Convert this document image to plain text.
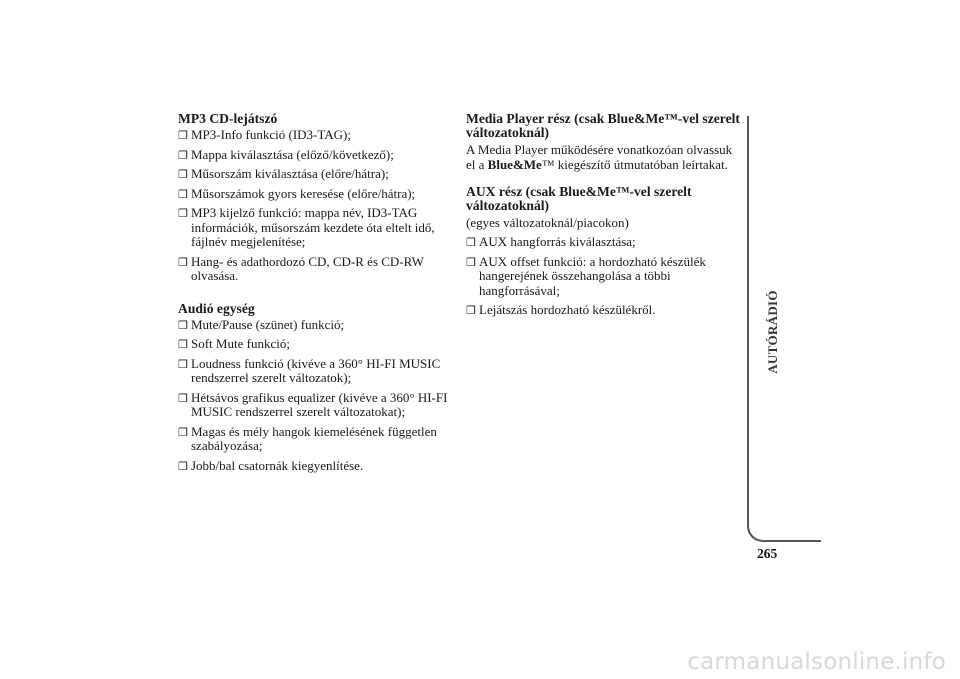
MP3 CD-lejátszó
❒ MP3-Info funkció (ID3-TAG);
❒ Mappa kiválasztása (előző/következő);
❒ Műsorszám kiválasztása (előre/hátra);
❒ Műsorszámok gyors keresése (előre/hátra);
❒ MP3 kijelző funkció: mappa név, ID3-TAG információk, műsorszám kezdete óta eltelt idő, fájlnév megjelenítése;
❒ Hang- és adathordozó CD, CD-R és CD-RW olvasása.
Audió egység
❒ Mute/Pause (szünet) funkció;
❒ Soft Mute funkció;
❒ Loudness funkció (kivéve a 360° HI-FI MUSIC rendszerrel szerelt változatok);
❒ Hétsávos grafikus equalizer (kivéve a 360° HI-FI MUSIC rendszerrel szerelt változatokat);
❒ Magas és mély hangok kiemelésének független szabályozása;
❒ Jobb/bal csatornák kiegyenlítése.
Media Player rész (csak Blue&Me™-vel szerelt változatoknál)

A Media Player működésére vonatkozóan olvassuk el a Blue&Me™ kiegészítő útmutatóban leírtakat.

AUX rész (csak Blue&Me™-vel szerelt változatoknál)
(egyes változatoknál/piacokon)
❒ AUX hangforrás kiválasztása;
❒ AUX offset funkció: a hordozható készülék hangerejének összehangolása a többi hangforrásával;
❒ Lejátszás hordozható készülékről.	AUTÓRÁDIÓ
265
carmanualsonline.info
